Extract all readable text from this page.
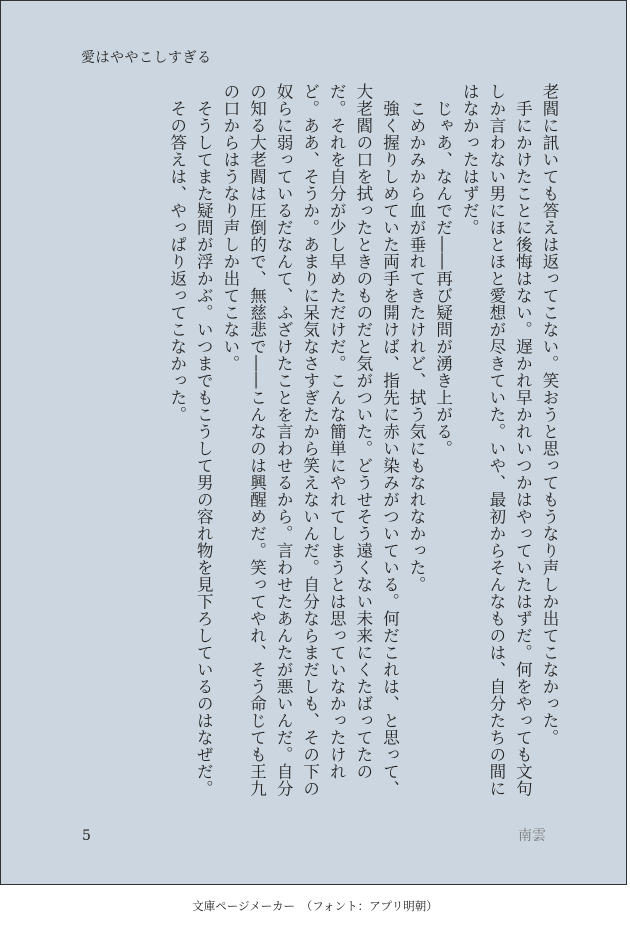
愛はややこしすぎる

老閻に訊いても答えは返ってこない。笑おうと思ってもうなり声しか出てこなかった。

　手にかけたことに後悔はない。遅かれ早かれいつかはやっていたはずだ。何をやっても文句しか言わない男にほとほと愛想が尽きていた。いや、最初からそんなものは、自分たちの間にはなかったはずだ。

　じゃあ、なんでだ――再び疑問が湧き上がる。

　こめかみから血が垂れてきたけれど、拭う気にもなれなかった。

　強く握りしめていた両手を開けば、指先に赤い染みがついている。何だこれは、と思って、大老閻の口を拭ったときのものだと気がついた。どうせそう遠くない未来にくたばってたのだ。それを自分が少し早めただけだ。こんな簡単にやれてしまうとは思っていなかったけれど。ああ、そうか。あまりに呆気なさすぎたから笑えないんだ。自分ならまだしも、その下の奴らに弱っているだなんて、ふざけたことを言わせるから。言わせたあんたが悪いんだ。自分の知る大老閻は圧倒的で、無慈悲で――こんなのは興醒めだ。笑ってやれ、そう命じても王九の口からはうなり声しか出てこない。

　そうしてまた疑問が浮かぶ。いつまでもこうして男の容れ物を見下ろしているのはなぜだ。

　その答えは、やっぱり返ってこなかった。

5	南雲
文庫ページメーカー　（フォント：アプリ明朝）
